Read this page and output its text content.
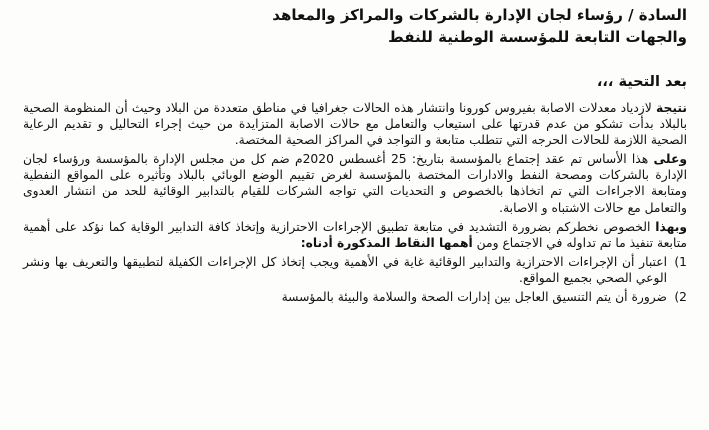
السادة / رؤساء لجان الإدارة بالشركات والمراكز والمعاهد
والجهات التابعة للمؤسسة الوطنية للنفط
بعد التحية ،،،

نتيجة لازدياد معدلات الاصابة بفيروس كورونا وانتشار هذه الحالات جغرافيا في مناطق متعددة من البلاد وحيث أن المنظومة الصحية بالبلاد بدأت تشكو من عدم قدرتها على استيعاب والتعامل مع حالات الاصابة المتزايدة من حيث إجراء التحاليل و تقديم الرعاية الصحية اللازمة للحالات الحرجه التي تتطلب متابعة و التواجد في المراكز الصحية المختصة.

وعلى هذا الأساس تم عقد إجتماع بالمؤسسة بتاريخ: 25 أغسطس 2020م ضم كل من مجلس الإدارة بالمؤسسة ورؤساء لجان الإدارة بالشركات ومصحة النفط والادارات المختصة بالمؤسسة لغرض تقييم الوضع الوبائي بالبلاد وتأثيره على المواقع النفطية ومتابعة الاجراءات التي تم اتخاذها بالخصوص و التحديات التي تواجه الشركات للقيام بالتدابير الوقائية للحد من انتشار العدوى والتعامل مع حالات الاشتباه و الاصابة.

وبهذا الخصوص نخطركم بضرورة التشديد في متابعة تطبيق الإجراءات الاحترازية وإتخاذ كافة التدابير الوقاية كما نؤكد على أهمية متابعة تنفيذ ما تم تداوله في الاجتماع ومن أهمها النقاط المذكورة أدناه:

1)
اعتبار أن الإجراءات الاحترازية والتدابير الوقائية غاية في الأهمية ويجب إتخاذ كل الإجراءات الكفيلة لتطبيقها والتعريف بها ونشر الوعي الصحي بجميع المواقع.
2)
ضرورة أن يتم التنسيق العاجل بين إدارات الصحة والسلامة والبيئة بالمؤسسة
